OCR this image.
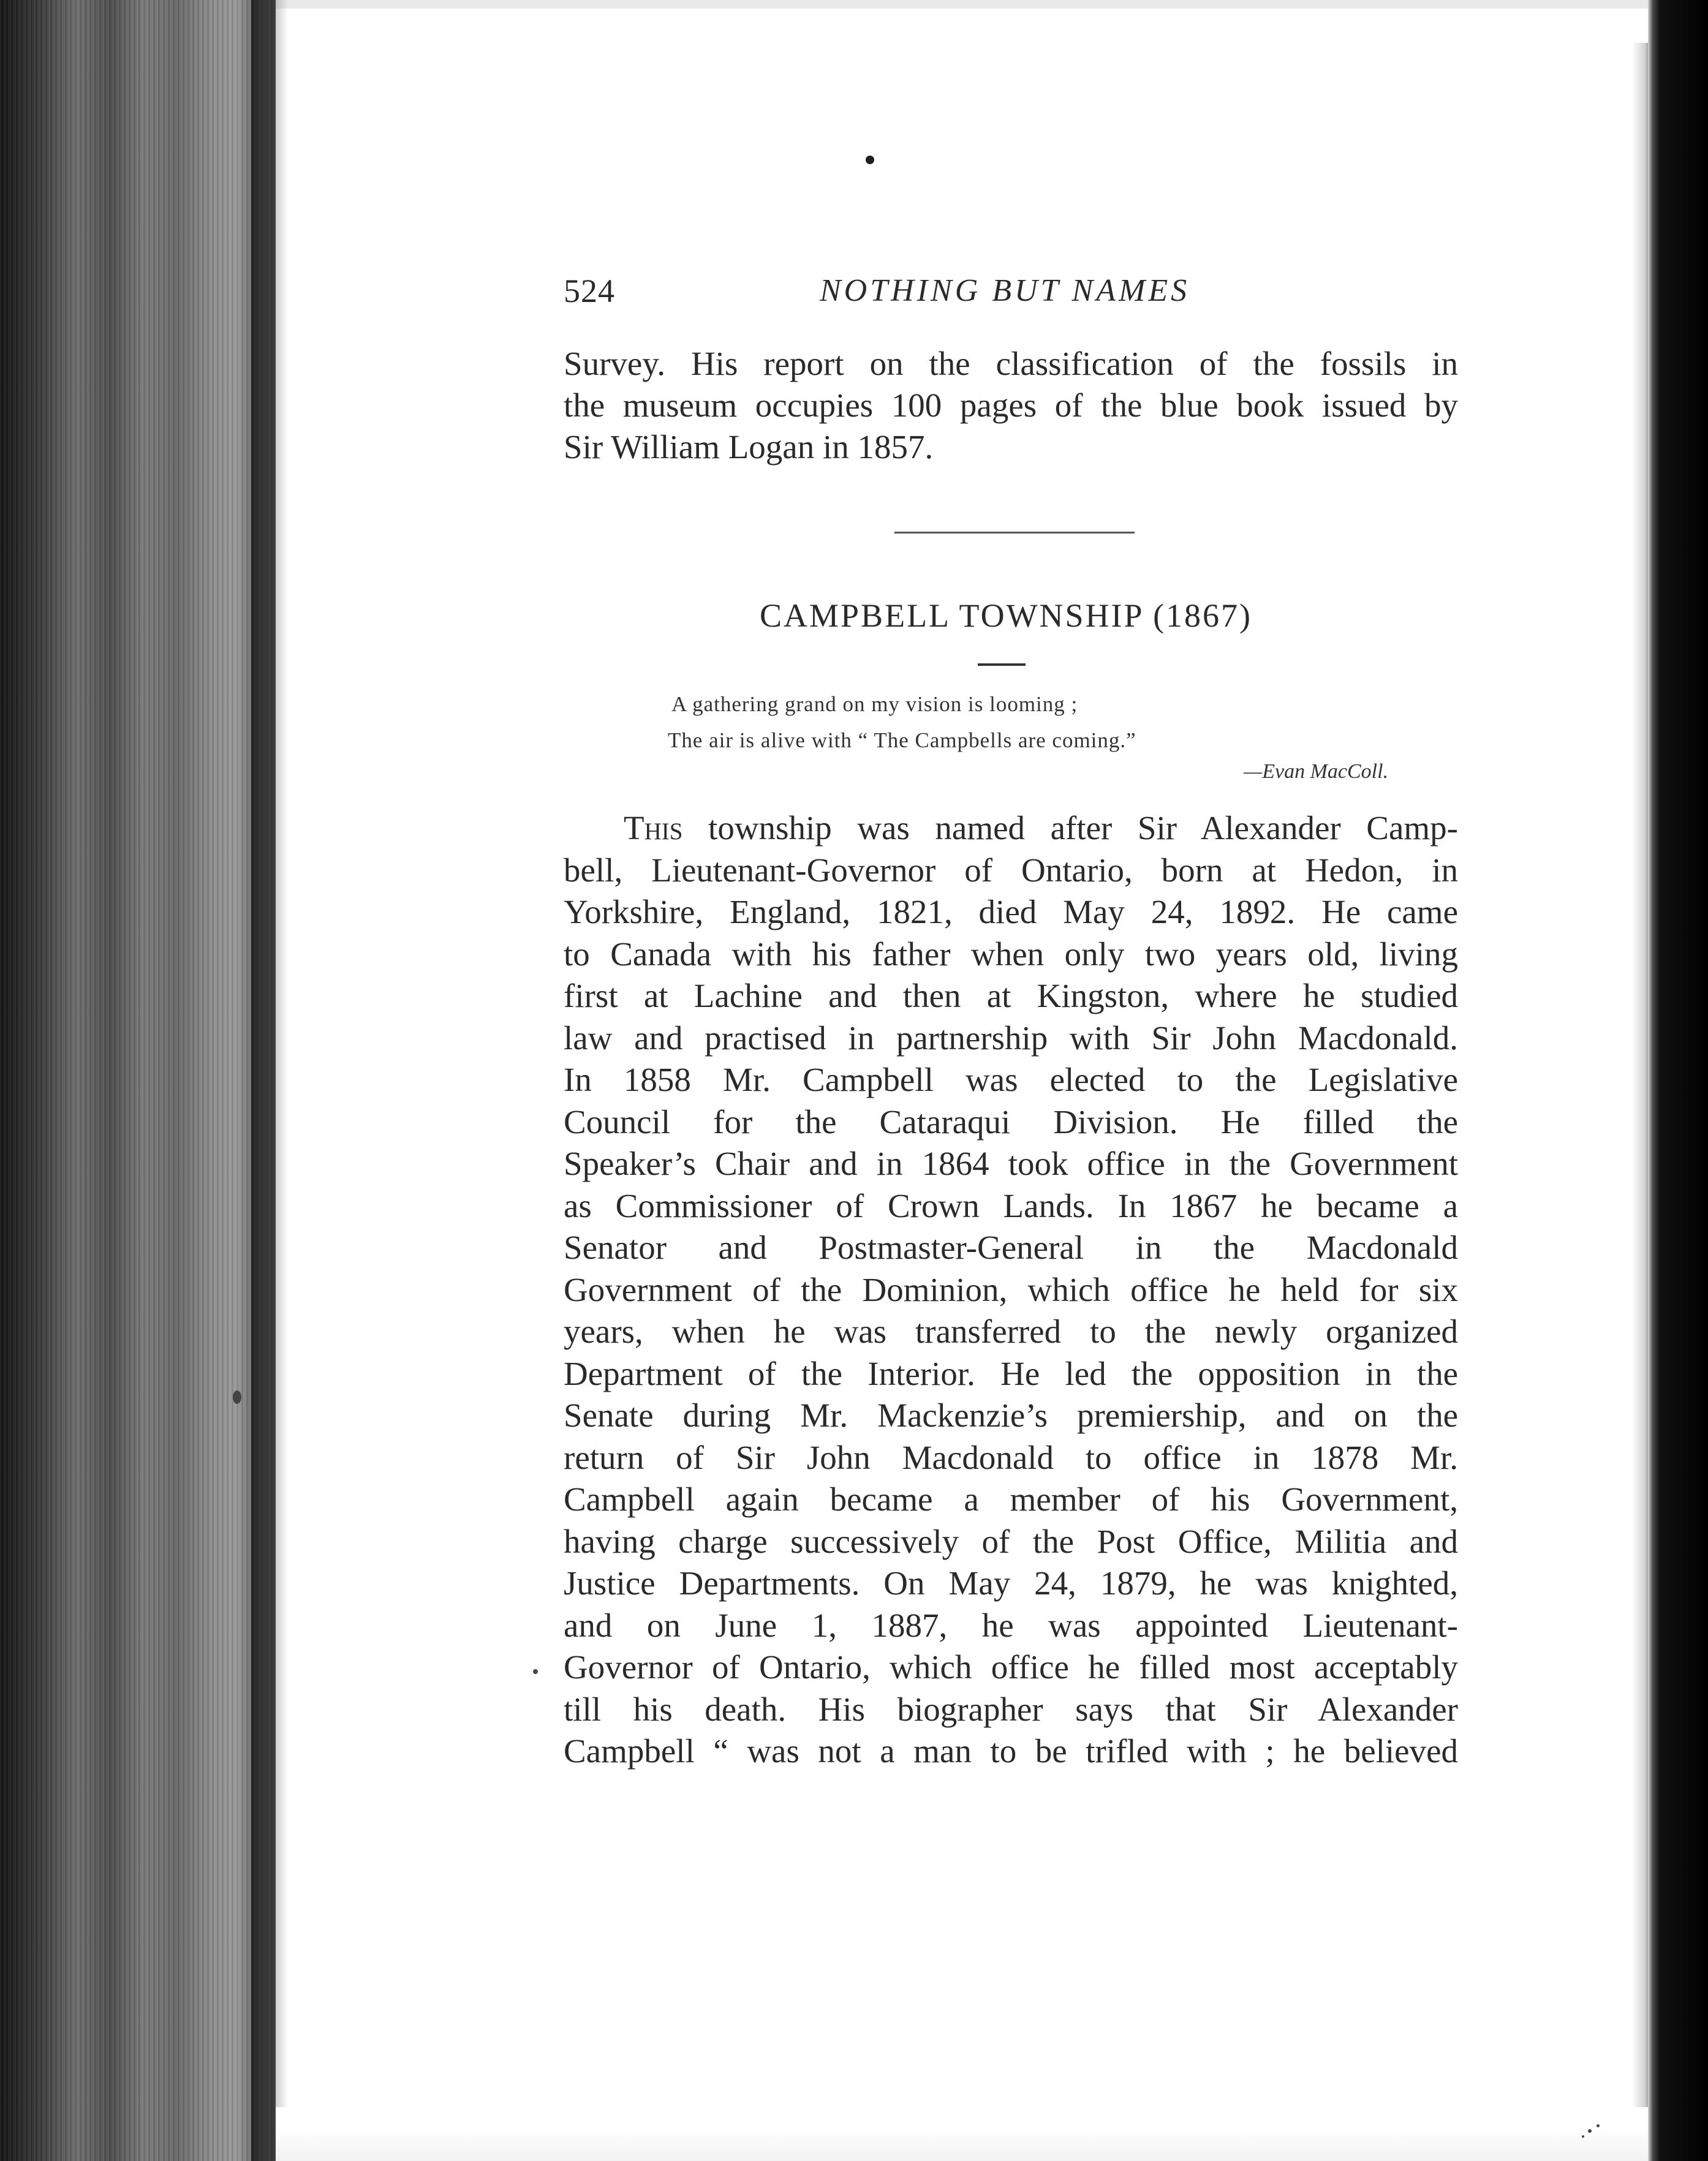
524	NOTHING BUT NAMES
Survey. His report on the classification of the fossils in
the museum occupies 100 pages of the blue book issued by
Sir William Logan in 1857.
CAMPBELL TOWNSHIP (1867)
A gathering grand on my vision is looming ;
The air is alive with “ The Campbells are coming.”
—Evan MacColl.
This township was named after Sir Alexander Camp-
bell, Lieutenant-Governor of Ontario, born at Hedon, in
Yorkshire, England, 1821, died May 24, 1892. He came
to Canada with his father when only two years old, living
first at Lachine and then at Kingston, where he studied
law and practised in partnership with Sir John Macdonald.
In 1858 Mr. Campbell was elected to the Legislative
Council for the Cataraqui Division. He filled the
Speaker’s Chair and in 1864 took office in the Government
as Commissioner of Crown Lands. In 1867 he became a
Senator and Postmaster-General in the Macdonald
Government of the Dominion, which office he held for six
years, when he was transferred to the newly organized
Department of the Interior. He led the opposition in the
Senate during Mr. Mackenzie’s premiership, and on the
return of Sir John Macdonald to office in 1878 Mr.
Campbell again became a member of his Government,
having charge successively of the Post Office, Militia and
Justice Departments. On May 24, 1879, he was knighted,
and on June 1, 1887, he was appointed Lieutenant-
Governor of Ontario, which office he filled most acceptably
till his death. His biographer says that Sir Alexander
Campbell “ was not a man to be trifled with ; he believed
